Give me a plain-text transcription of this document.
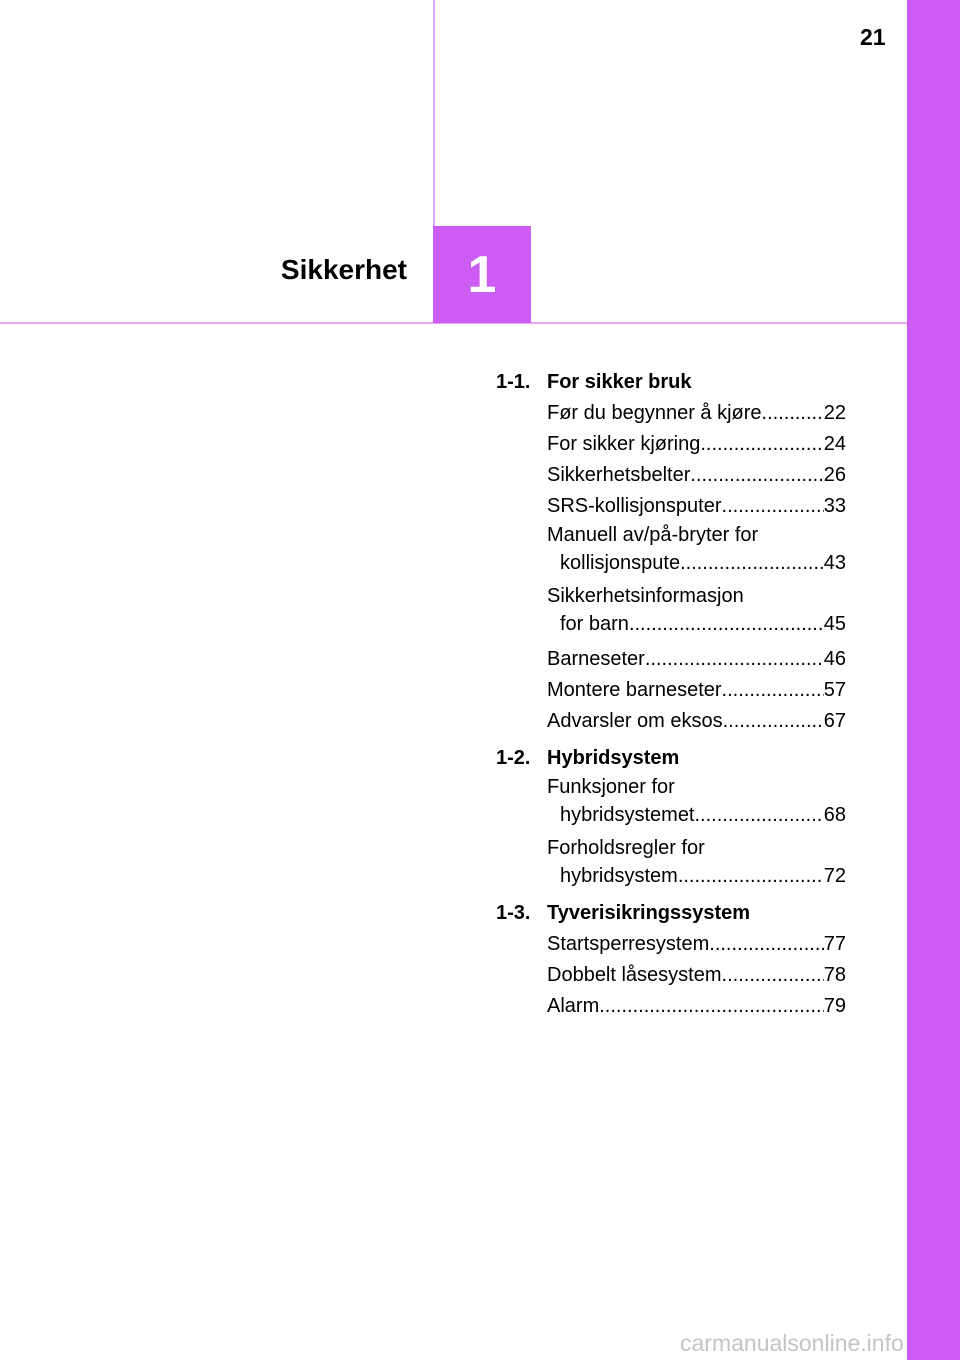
21
Sikkerhet 1
1-1. For sikker bruk
Før du begynner å kjøre .....	22
For sikker kjøring .....	24
Sikkerhetsbelter .....	26
SRS-kollisjonsputer .....	33
Manuell av/på-bryter for
kollisjonspute .....	43
Sikkerhetsinformasjon
for barn .....	45
Barneseter .....	46
Montere barneseter .....	57
Advarsler om eksos .....	67
1-2. Hybridsystem
Funksjoner for
hybridsystemet .....	68
Forholdsregler for
hybridsystem .....	72
1-3. Tyverisikringssystem
Startsperresystem .....	77
Dobbelt låsesystem .....	78
Alarm .....	79
carmanualsonline.info
